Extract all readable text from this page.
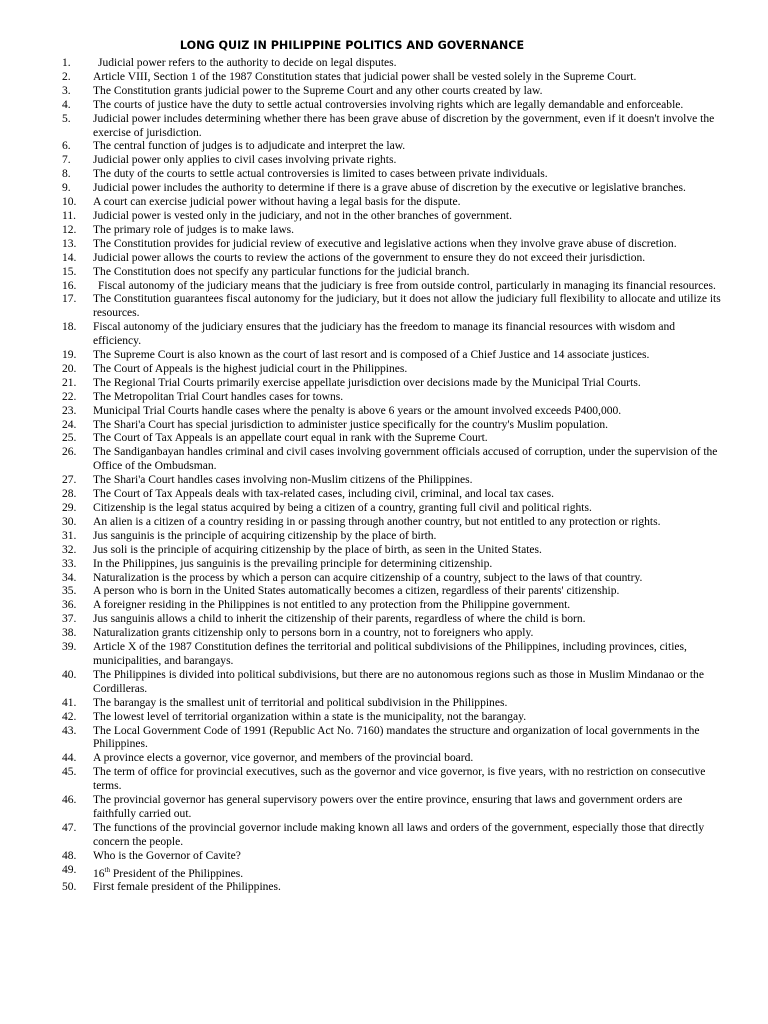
LONG QUIZ IN PHILIPPINE POLITICS AND GOVERNANCE
1.	Judicial power refers to the authority to decide on legal disputes.
2.	Article VIII, Section 1 of the 1987 Constitution states that judicial power shall be vested solely in the Supreme Court.
3.	The Constitution grants judicial power to the Supreme Court and any other courts created by law.
4.	The courts of justice have the duty to settle actual controversies involving rights which are legally demandable and enforceable.
5.	Judicial power includes determining whether there has been grave abuse of discretion by the government, even if it doesn't involve the exercise of jurisdiction.
6.	The central function of judges is to adjudicate and interpret the law.
7.	Judicial power only applies to civil cases involving private rights.
8.	The duty of the courts to settle actual controversies is limited to cases between private individuals.
9.	Judicial power includes the authority to determine if there is a grave abuse of discretion by the executive or legislative branches.
10.	A court can exercise judicial power without having a legal basis for the dispute.
11.	Judicial power is vested only in the judiciary, and not in the other branches of government.
12.	The primary role of judges is to make laws.
13.	The Constitution provides for judicial review of executive and legislative actions when they involve grave abuse of discretion.
14.	Judicial power allows the courts to review the actions of the government to ensure they do not exceed their jurisdiction.
15.	The Constitution does not specify any particular functions for the judicial branch.
16.	Fiscal autonomy of the judiciary means that the judiciary is free from outside control, particularly in managing its financial resources.
17.	The Constitution guarantees fiscal autonomy for the judiciary, but it does not allow the judiciary full flexibility to allocate and utilize its resources.
18.	Fiscal autonomy of the judiciary ensures that the judiciary has the freedom to manage its financial resources with wisdom and efficiency.
19.	The Supreme Court is also known as the court of last resort and is composed of a Chief Justice and 14 associate justices.
20.	The Court of Appeals is the highest judicial court in the Philippines.
21.	The Regional Trial Courts primarily exercise appellate jurisdiction over decisions made by the Municipal Trial Courts.
22.	The Metropolitan Trial Court handles cases for towns.
23.	Municipal Trial Courts handle cases where the penalty is above 6 years or the amount involved exceeds P400,000.
24.	The Shari'a Court has special jurisdiction to administer justice specifically for the country's Muslim population.
25.	The Court of Tax Appeals is an appellate court equal in rank with the Supreme Court.
26.	The Sandiganbayan handles criminal and civil cases involving government officials accused of corruption, under the supervision of the Office of the Ombudsman.
27.	The Shari'a Court handles cases involving non-Muslim citizens of the Philippines.
28.	The Court of Tax Appeals deals with tax-related cases, including civil, criminal, and local tax cases.
29.	Citizenship is the legal status acquired by being a citizen of a country, granting full civil and political rights.
30.	An alien is a citizen of a country residing in or passing through another country, but not entitled to any protection or rights.
31.	Jus sanguinis is the principle of acquiring citizenship by the place of birth.
32.	Jus soli is the principle of acquiring citizenship by the place of birth, as seen in the United States.
33.	In the Philippines, jus sanguinis is the prevailing principle for determining citizenship.
34.	Naturalization is the process by which a person can acquire citizenship of a country, subject to the laws of that country.
35.	A person who is born in the United States automatically becomes a citizen, regardless of their parents' citizenship.
36.	A foreigner residing in the Philippines is not entitled to any protection from the Philippine government.
37.	Jus sanguinis allows a child to inherit the citizenship of their parents, regardless of where the child is born.
38.	Naturalization grants citizenship only to persons born in a country, not to foreigners who apply.
39.	Article X of the 1987 Constitution defines the territorial and political subdivisions of the Philippines, including provinces, cities, municipalities, and barangays.
40.	The Philippines is divided into political subdivisions, but there are no autonomous regions such as those in Muslim Mindanao or the Cordilleras.
41.	The barangay is the smallest unit of territorial and political subdivision in the Philippines.
42.	The lowest level of territorial organization within a state is the municipality, not the barangay.
43.	The Local Government Code of 1991 (Republic Act No. 7160) mandates the structure and organization of local governments in the Philippines.
44.	A province elects a governor, vice governor, and members of the provincial board.
45.	The term of office for provincial executives, such as the governor and vice governor, is five years, with no restriction on consecutive terms.
46.	The provincial governor has general supervisory powers over the entire province, ensuring that laws and government orders are faithfully carried out.
47.	The functions of the provincial governor include making known all laws and orders of the government, especially those that directly concern the people.
48.	Who is the Governor of Cavite?
49.	16th President of the Philippines.
50.	First female president of the Philippines.
